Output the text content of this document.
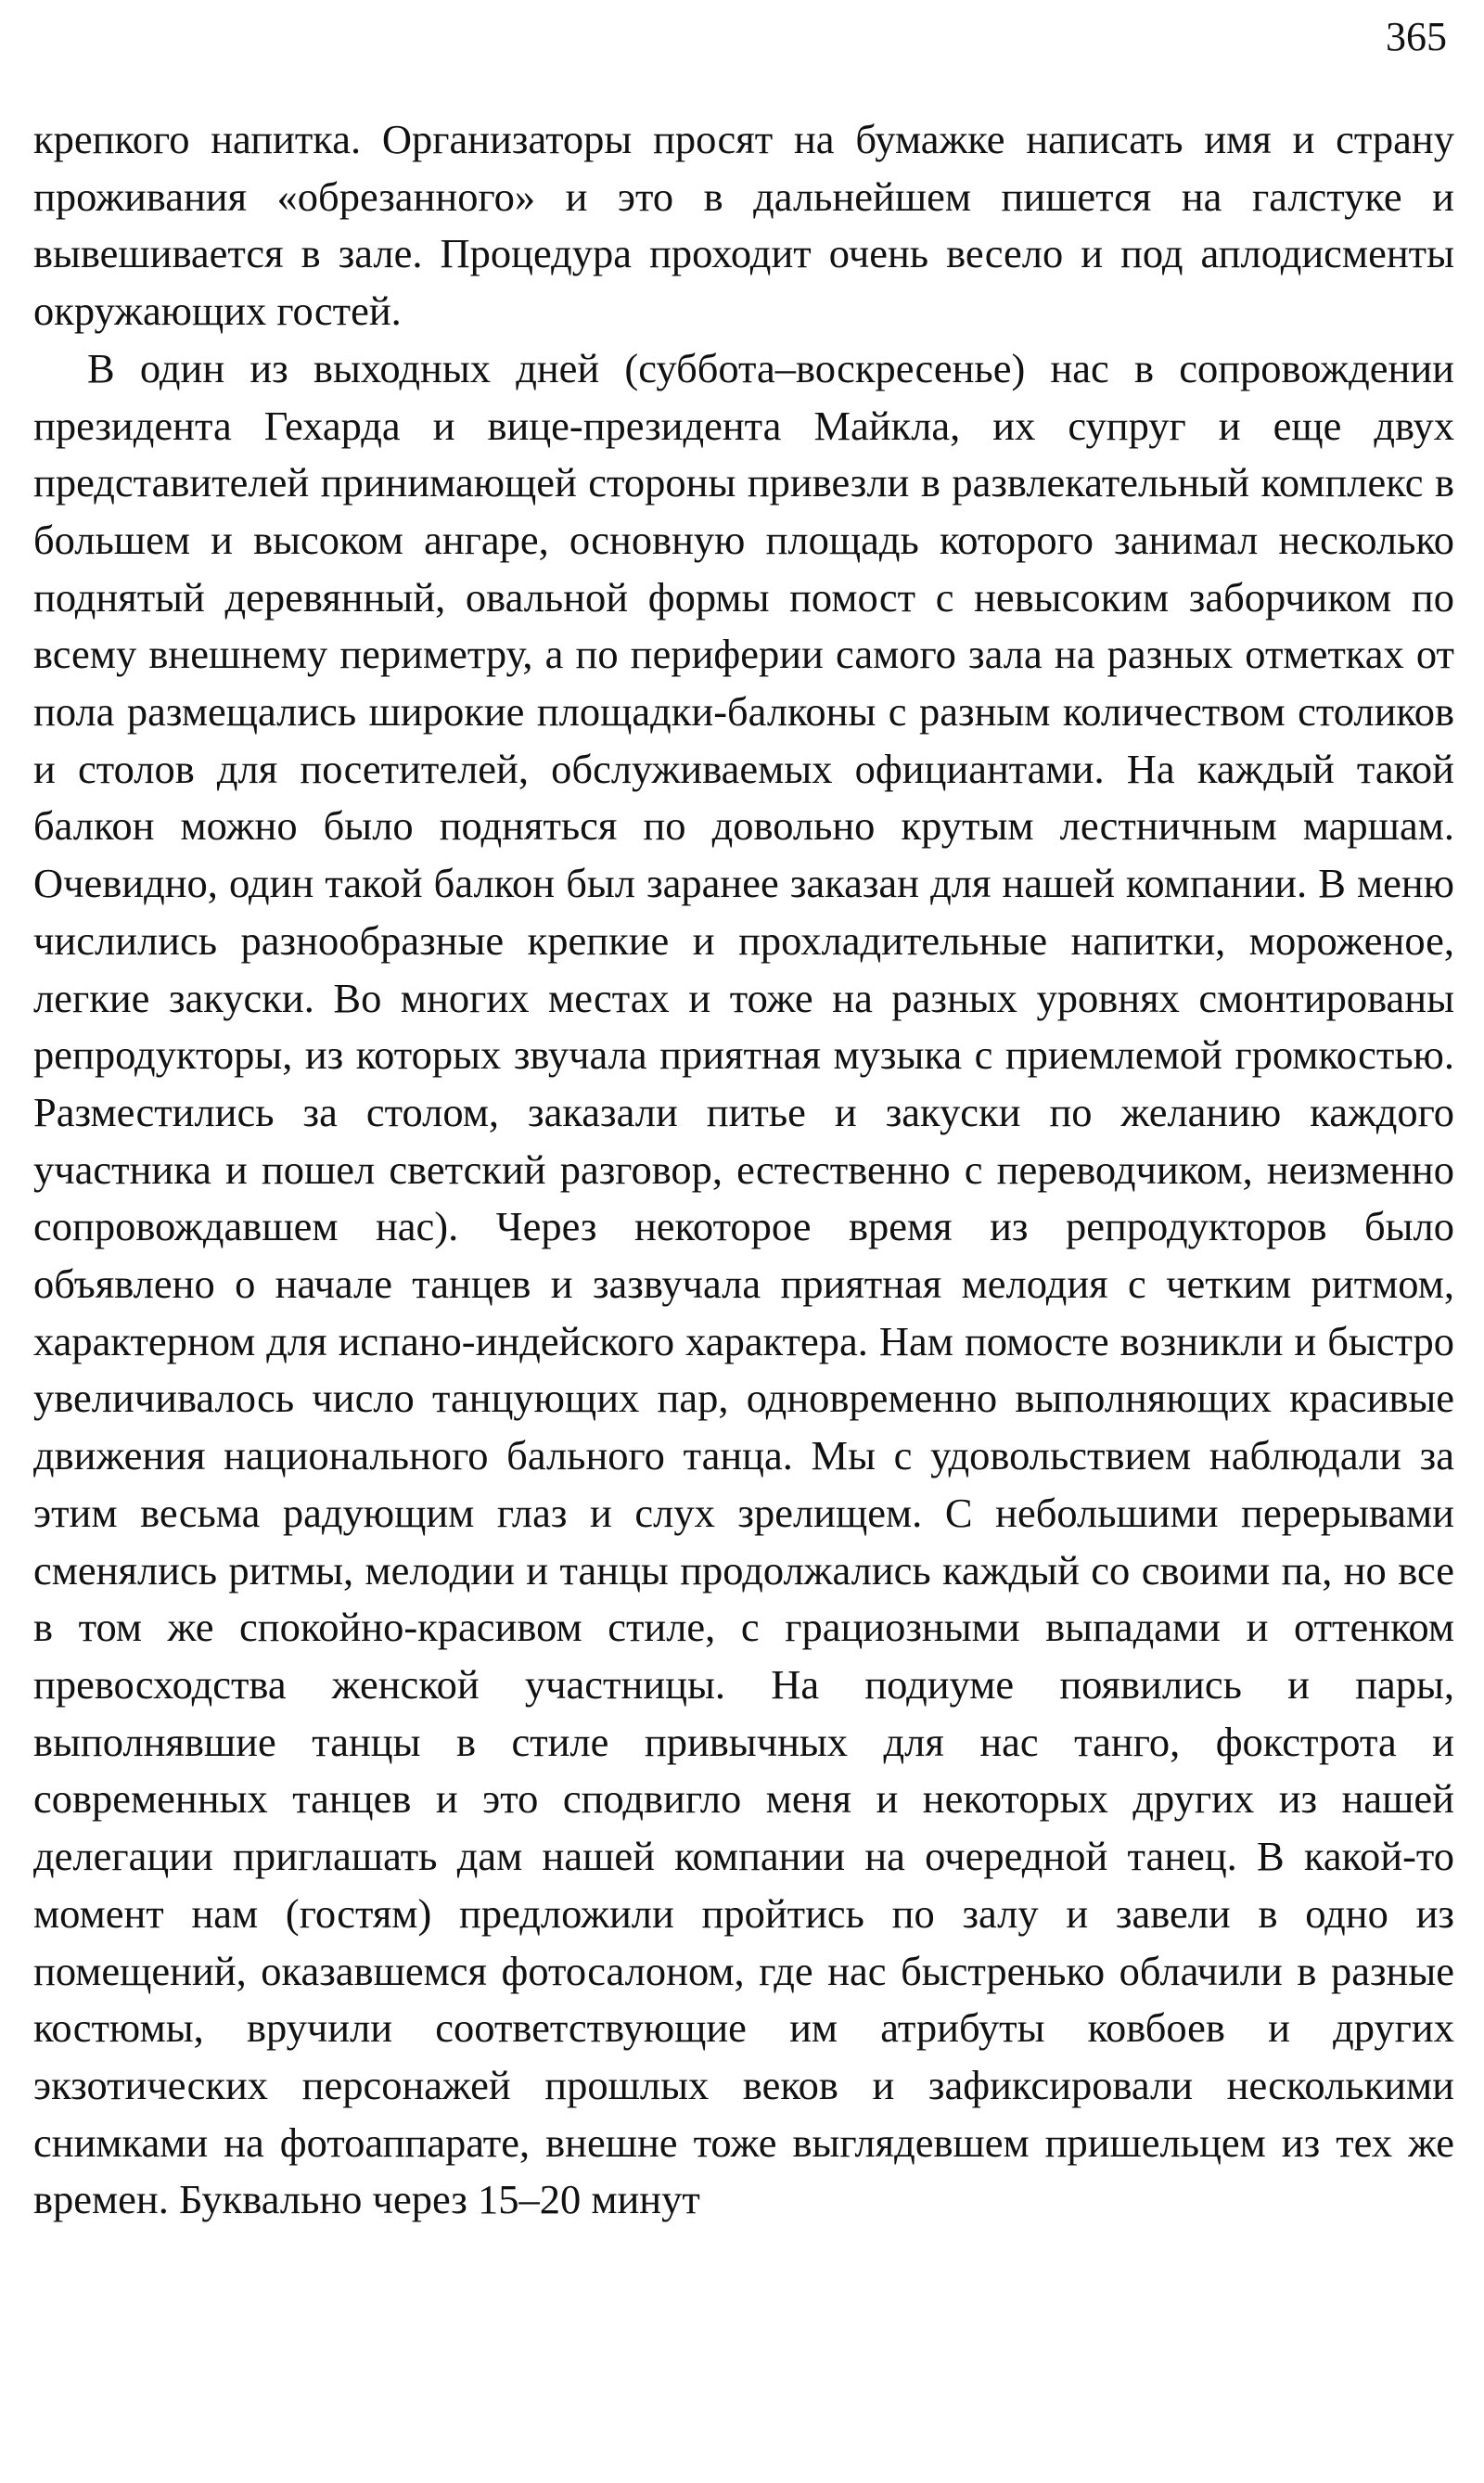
365

крепкого напитка. Организаторы просят на бумажке написать имя и страну проживания «обрезанного» и это в дальнейшем пишется на галстуке и вывешивается в зале. Процедура проходит очень весело и под аплодисменты окружающих гостей.

В один из выходных дней (суббота–воскресенье) нас в сопровождении президента Гехарда и вице-президента Майкла, их супруг и еще двух представителей принимающей стороны привезли в развлекательный комплекс в большем и высоком ангаре, основную площадь которого занимал несколько поднятый деревянный, овальной формы помост с невысоким заборчиком по всему внешнему периметру, а по периферии самого зала на разных отметках от пола размещались широкие площадки-балконы с разным количеством столиков и столов для посетителей, обслуживаемых официантами. На каждый такой балкон можно было подняться по довольно крутым лестничным маршам. Очевидно, один такой балкон был заранее заказан для нашей компании. В меню числились разнообразные крепкие и прохладительные напитки, мороженое, легкие закуски. Во многих местах и тоже на разных уровнях смонтированы репродукторы, из которых звучала приятная музыка с приемлемой громкостью. Разместились за столом, заказали питье и закуски по желанию каждого участника и пошел светский разговор, естественно с переводчиком, неизменно сопровождавшем нас). Через некоторое время из репродукторов было объявлено о начале танцев и зазвучала приятная мелодия с четким ритмом, характерном для испано-индейского характера. Нам помосте возникли и быстро увеличивалось число танцующих пар, одновременно выполняющих красивые движения национального бального танца. Мы с удовольствием наблюдали за этим весьма радующим глаз и слух зрелищем. С небольшими перерывами сменялись ритмы, мелодии и танцы продолжались каждый со своими па, но все в том же спокойно-красивом стиле, с грациозными выпадами и оттенком превосходства женской участницы. На подиуме появились и пары, выполнявшие танцы в стиле привычных для нас танго, фокстрота и современных танцев и это сподвигло меня и некоторых других из нашей делегации приглашать дам нашей компании на очередной танец. В какой-то момент нам (гостям) предложили пройтись по залу и завели в одно из помещений, оказавшемся фотосалоном, где нас быстренько облачили в разные костюмы, вручили соответствующие им атрибуты ковбоев и других экзотических персонажей прошлых веков и зафиксировали несколькими снимками на фотоаппарате, внешне тоже выглядевшем пришельцем из тех же времен. Буквально через 15–20 минут
